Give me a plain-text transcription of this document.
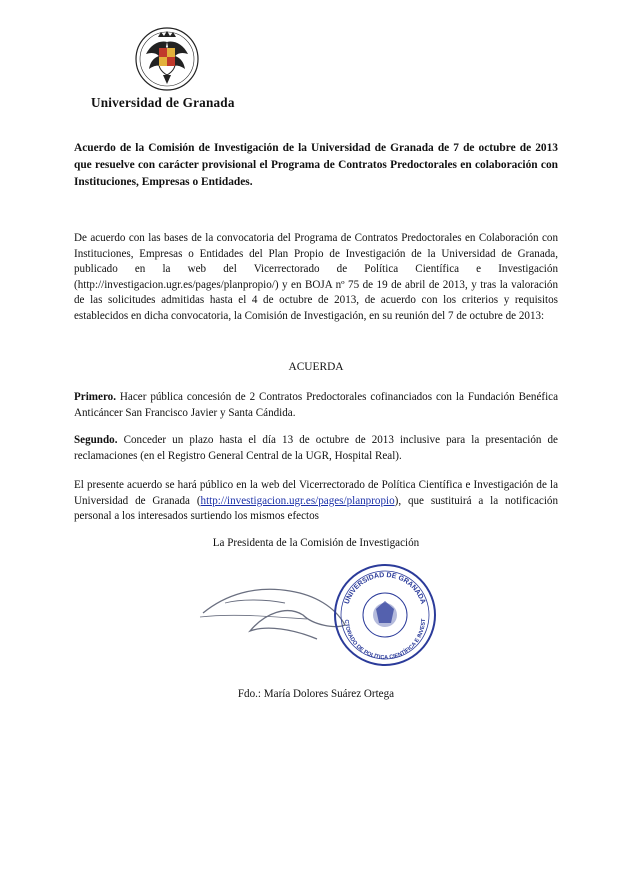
Universidad de Granada
Acuerdo de la Comisión de Investigación de la Universidad de Granada de 7 de octubre de 2013 que resuelve con carácter provisional el Programa de Contratos Predoctorales en colaboración con Instituciones, Empresas o Entidades.
De acuerdo con las bases de la convocatoria del Programa de Contratos Predoctorales en Colaboración con Instituciones, Empresas o Entidades del Plan Propio de Investigación de la Universidad de Granada, publicado en la web del Vicerrectorado de Política Científica e Investigación (http://investigacion.ugr.es/pages/planpropio/) y en BOJA nº 75 de 19 de abril de 2013, y tras la valoración de las solicitudes admitidas hasta el 4 de octubre de 2013, de acuerdo con los criterios y requisitos establecidos en dicha convocatoria, la Comisión de Investigación, en su reunión del 7 de octubre de 2013:
ACUERDA
Primero. Hacer pública concesión de 2 Contratos Predoctorales cofinanciados con la Fundación Benéfica Anticáncer San Francisco Javier y Santa Cándida.
Segundo. Conceder un plazo hasta el día 13 de octubre de 2013 inclusive para la presentación de reclamaciones (en el Registro General Central de la UGR, Hospital Real).
El presente acuerdo se hará público en la web del Vicerrectorado de Política Científica e Investigación de la Universidad de Granada (http://investigacion.ugr.es/pages/planpropio), que sustituirá a la notificación personal a los interesados surtiendo los mismos efectos
La Presidenta de la Comisión de Investigación
UNIVERSIDAD DE GRANADA
CTORADO DE POLÍTICA CIENTÍFICA E INVEST
Fdo.: María Dolores Suárez Ortega
